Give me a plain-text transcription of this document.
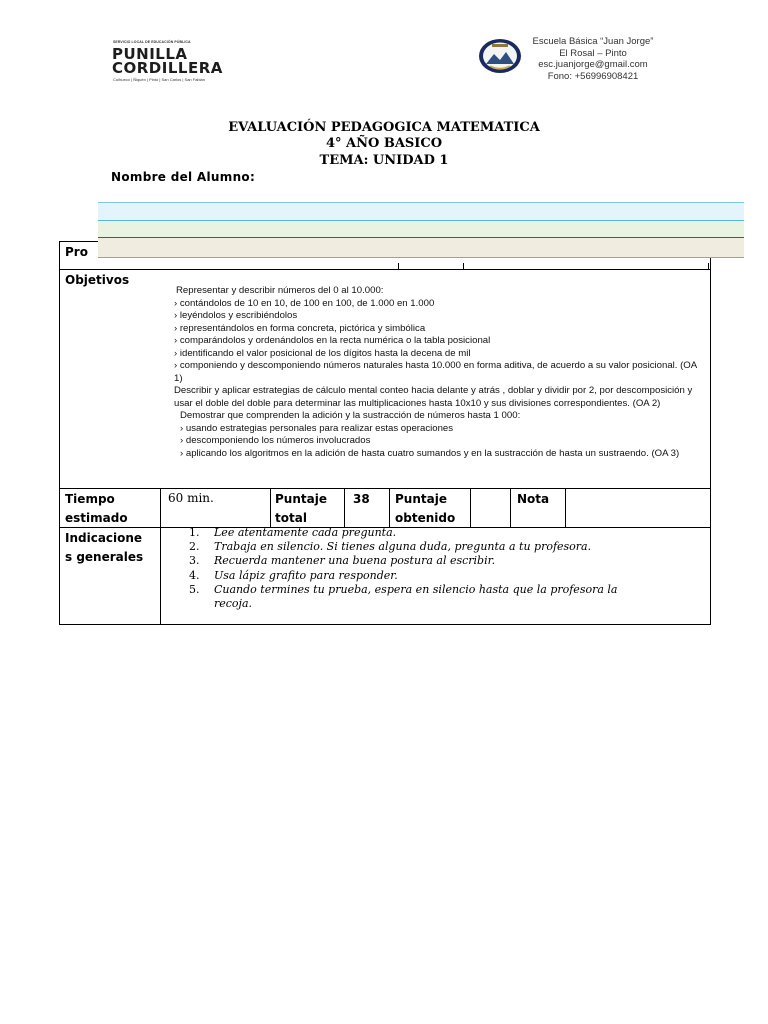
SERVICIO LOCAL DE EDUCACIÓN PÚBLICA
PUNILLA
CORDILLERA
Coihueco | Ñiquén | Pinto | San Carlos | San Fabián
Escuela Básica “Juan Jorge”
El Rosal – Pinto
esc.juanjorge@gmail.com
Fono: +56996908421
EVALUACIÓN PEDAGOGICA MATEMATICA
4° AÑO BASICO
TEMA: UNIDAD 1
Nombre del Alumno:
Pro
Objetivos

Representar y describir números del 0 al 10.000:

› contándolos de 10 en 10, de 100 en 100, de 1.000 en 1.000

› leyéndolos y escribiéndolos

› representándolos en forma concreta, pictórica y simbólica

› comparándolos y ordenándolos en la recta numérica o la tabla posicional

› identificando el valor posicional de los dígitos hasta la decena de mil

› componiendo y descomponiendo números naturales hasta 10.000 en forma aditiva, de acuerdo a su valor posicional. (OA 1)

Describir y aplicar estrategias de cálculo mental conteo hacia delante y atrás , doblar y dividir por 2, por descomposición y usar el doble del doble para determinar las multiplicaciones hasta 10x10 y sus divisiones correspondientes. (OA 2)

Demostrar que comprenden la adición y la sustracción de números hasta 1 000:

› usando estrategias personales para realizar estas operaciones

› descomponiendo los números involucrados

› aplicando los algoritmos en la adición de hasta cuatro sumandos y en la sustracción de hasta un sustraendo. (OA 3)

Tiempo
estimado
60 min.	Puntaje
total
38 Puntaje
obtenido
Nota
Indicacione
s generales
1. Lee atentamente cada pregunta.
2. Trabaja en silencio. Si tienes alguna duda, pregunta a tu profesora.
3. Recuerda mantener una buena postura al escribir.
4. Usa lápiz grafito para responder.
5. Cuando termines tu prueba, espera en silencio hasta que la profesora la recoja.
